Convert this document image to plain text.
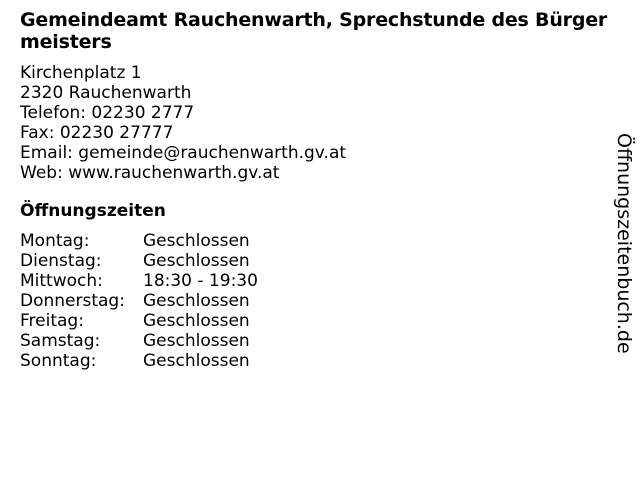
Gemeindeamt Rauchenwarth, Sprechstunde des Bürgermeisters
Kirchenplatz 1
2320 Rauchenwarth
Telefon: 02230 2777
Fax: 02230 27777
Email: gemeinde@rauchenwarth.gv.at
Web: www.rauchenwarth.gv.at
Öffnungszeiten
Montag:	Geschlossen
Dienstag:	Geschlossen
Mittwoch:	18:30 - 19:30
Donnerstag:	Geschlossen
Freitag:	Geschlossen
Samstag:	Geschlossen
Sonntag:	Geschlossen
Öffnungszeitenbuch.de
